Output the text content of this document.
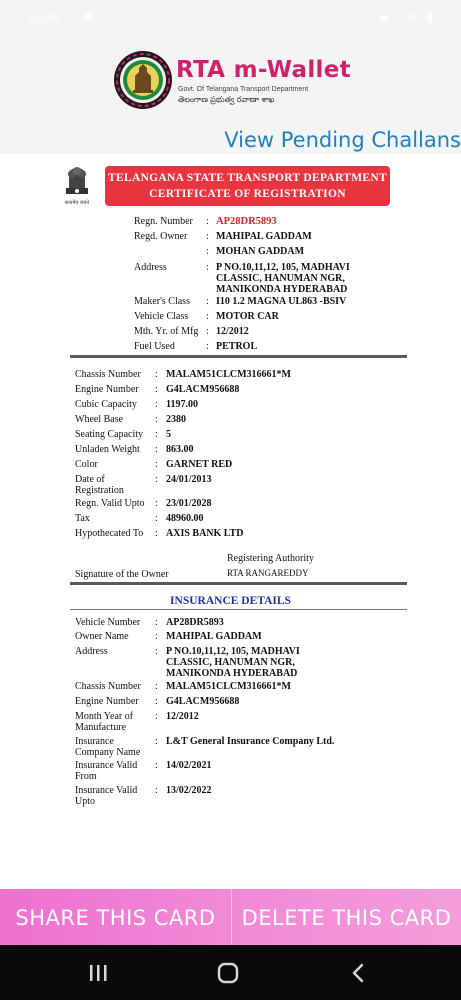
10:48 ⊙ ▣ •	◉ ⌔ 4G ▮
RTA m-Wallet
Govt. Of Telangana Transport Department
తెలంగాణ ప్రభుత్వ రవాణా శాఖ
View Pending Challans
सत्यमेव जयते
TELANGANA STATE TRANSPORT DEPARTMENT
CERTIFICATE OF REGISTRATION
Regn. Number	: AP28DR5893
Regd. Owner	: MAHIPAL GADDAM
: MOHAN GADDAM
Address	: P NO.10,11,12, 105, MADHAVI CLASSIC, HANUMAN NGR, MANIKONDA HYDERABAD
Maker's Class	: I10 1.2 MAGNA UL863 -BSIV
Vehicle Class	: MOTOR CAR
Mth. Yr. of Mfg : 12/2012
Fuel Used	: PETROL
Chassis Number	: MALAM51CLCM316661*M
Engine Number	: G4LACM956688
Cubic Capacity	: 1197.00
Wheel Base	: 2380
Seating Capacity	: 5
Unladen Weight	: 863.00
Color	: GARNET RED
Date of Registration
: 24/01/2013
Regn. Valid Upto	: 23/01/2028
Tax	: 48960.00
Hypothecated To	: AXIS BANK LTD
Registering Authority
RTA RANGAREDDY
Signature of the Owner
INSURANCE DETAILS
Vehicle Number	: AP28DR5893
Owner Name	: MAHIPAL GADDAM
Address	: P NO.10,11,12, 105, MADHAVI CLASSIC, HANUMAN NGR, MANIKONDA HYDERABAD
Chassis Number	: MALAM51CLCM316661*M
Engine Number	: G4LACM956688
Month Year of Manufacture
: 12/2012
Insurance Company Name
: L&T General Insurance Company Ltd.
Insurance Valid From
: 14/02/2021
Insurance Valid Upto
: 13/02/2022
SHARE THIS CARD	DELETE THIS CARD
